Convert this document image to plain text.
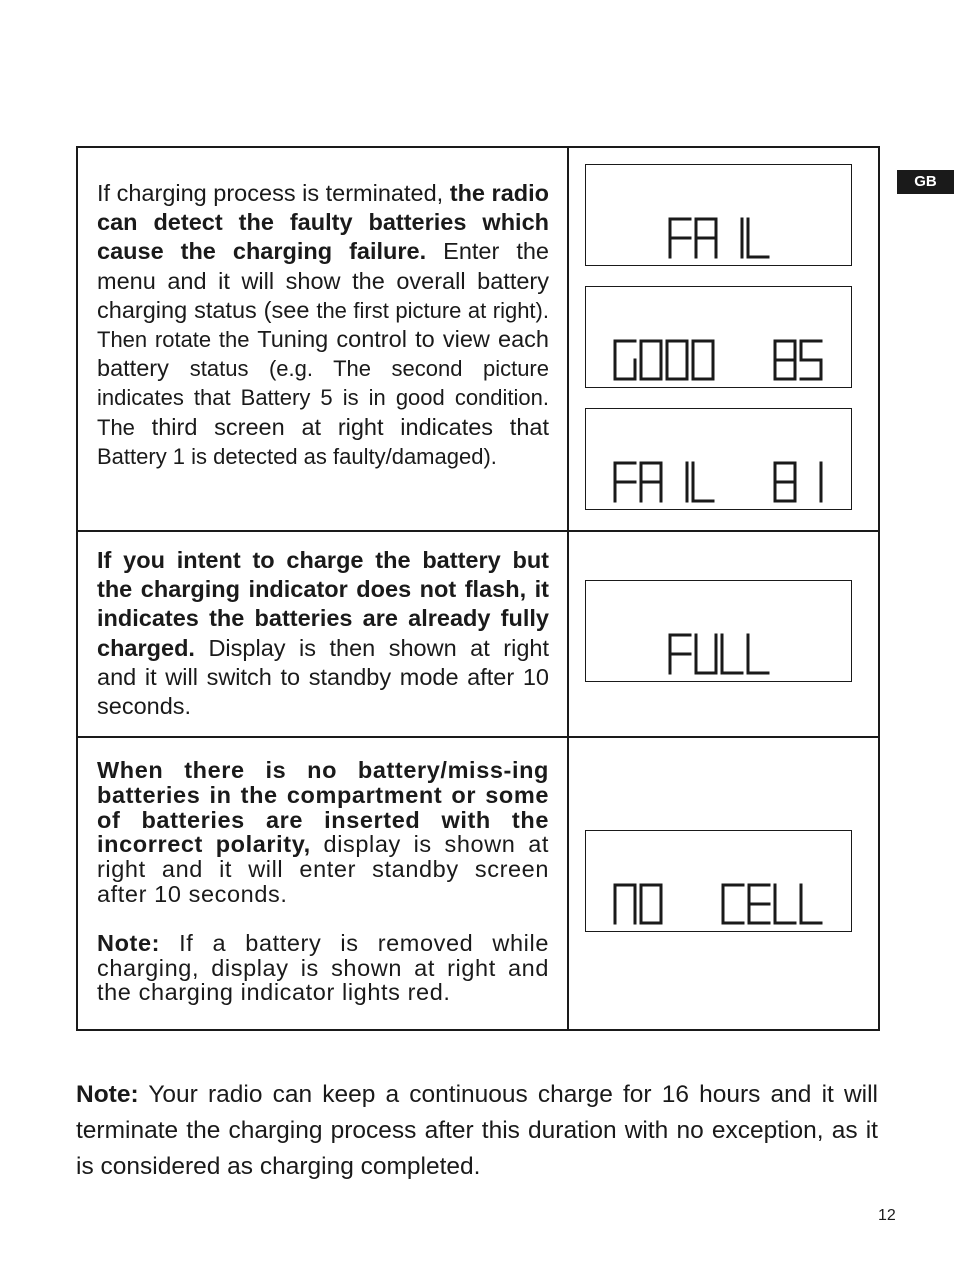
GB
If charging process is terminated, the radio can detect the faulty batteries which cause the charging failure. Enter the menu and it will show the overall battery charging status (see the first picture at right). Then rotate the Tuning control to view each battery status (e.g. The second picture indicates that Battery 5 is in good condition. The third screen at right indicates that Battery 1 is detected as faulty/damaged).

If you intent to charge the battery but the charging indicator does not flash, it indicates the batteries are already fully charged. Display is then shown at right and it will switch to standby mode after 10 seconds.

When there is no battery/miss-ing batteries in the compartment or some of batteries are inserted with the incorrect polarity, display is shown at right and it will enter standby screen after 10 seconds.
Note: If a battery is removed while charging, display is shown at right and the charging indicator lights red.

Note: Your radio can keep a continuous charge for 16 hours and it will terminate the charging process after this duration with no exception, as it is considered as charging completed.
12
